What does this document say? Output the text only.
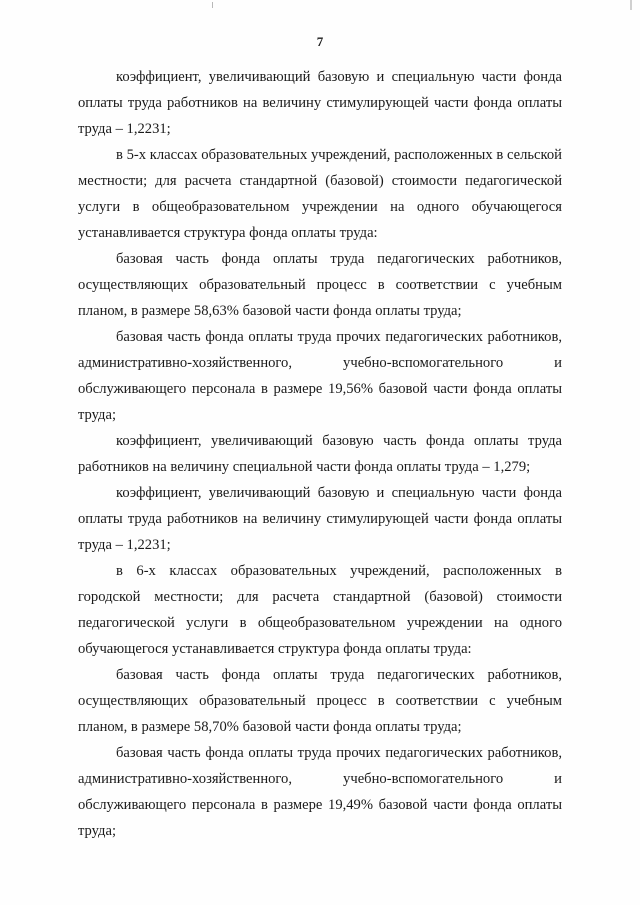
7

коэффициент, увеличивающий базовую и специальную части фонда оплаты труда работников на величину стимулирующей части фонда оплаты труда – 1,2231;

в 5-х классах образовательных учреждений, расположенных в сельской местности; для расчета стандартной (базовой) стоимости педагогической услуги в общеобразовательном учреждении на одного обучающегося устанавливается структура фонда оплаты труда:

базовая часть фонда оплаты труда педагогических работников, осуществляющих образовательный процесс в соответствии с учебным планом, в размере 58,63% базовой части фонда оплаты труда;

базовая часть фонда оплаты труда прочих педагогических работников, административно-хозяйственного, учебно-вспомогательного и обслуживающего персонала в размере 19,56% базовой части фонда оплаты труда;

коэффициент, увеличивающий базовую часть фонда оплаты труда работников на величину специальной части фонда оплаты труда – 1,279;

коэффициент, увеличивающий базовую и специальную части фонда оплаты труда работников на величину стимулирующей части фонда оплаты труда – 1,2231;

в 6-х классах образовательных учреждений, расположенных в городской местности; для расчета стандартной (базовой) стоимости педагогической услуги в общеобразовательном учреждении на одного обучающегося устанавливается структура фонда оплаты труда:

базовая часть фонда оплаты труда педагогических работников, осуществляющих образовательный процесс в соответствии с учебным планом, в размере 58,70% базовой части фонда оплаты труда;

базовая часть фонда оплаты труда прочих педагогических работников, административно-хозяйственного, учебно-вспомогательного и обслуживающего персонала в размере 19,49% базовой части фонда оплаты труда;
